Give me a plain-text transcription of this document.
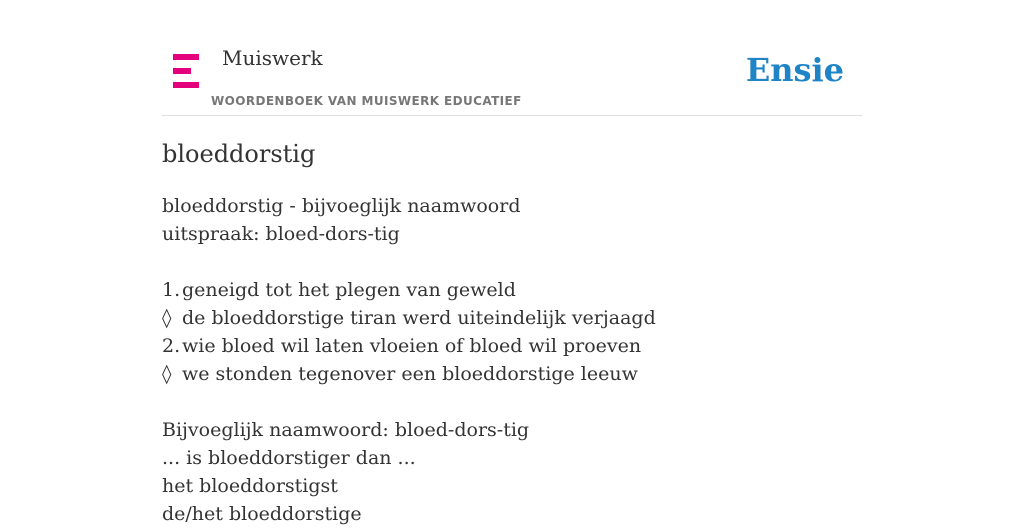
Muiswerk
WOORDENBOEK VAN MUISWERK EDUCATIEF
Ensie
bloeddorstig
bloeddorstig - bijvoeglijk naamwoord
uitspraak: bloed-dors-tig
1.geneigd tot het plegen van geweld
◊ de bloeddorstige tiran werd uiteindelijk verjaagd
2.wie bloed wil laten vloeien of bloed wil proeven
◊ we stonden tegenover een bloeddorstige leeuw
Bijvoeglijk naamwoord: bloed-dors-tig
... is bloeddorstiger dan ...
het bloeddorstigst
de/het bloeddorstige
